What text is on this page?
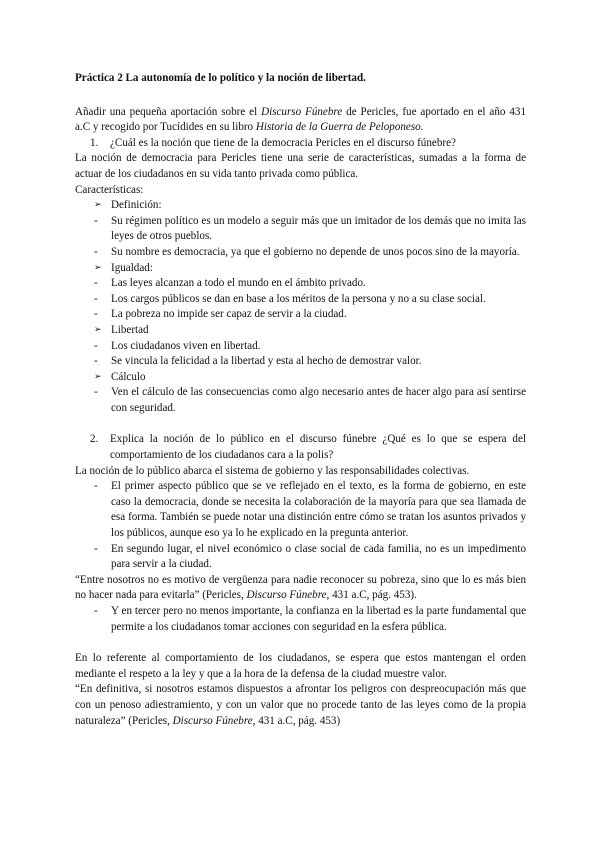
Práctica 2 La autonomía de lo político y la noción de libertad.

Añadir una pequeña aportación sobre el Discurso Fúnebre de Pericles, fue aportado en el año 431 a.C y recogido por Tucídides en su libro Historia de la Guerra de Peloponeso.

1.	¿Cuál es la noción que tiene de la democracia Pericles en el discurso fúnebre?

La noción de democracia para Pericles tiene una serie de características, sumadas a la forma de actuar de los ciudadanos en su vida tanto privada como pública.

Características:

➢ Definición:
-	Su régimen político es un modelo a seguir más que un imitador de los demás que no imita las leyes de otros pueblos.
-	Su nombre es democracia, ya que el gobierno no depende de unos pocos sino de la mayoría.
➢ Igualdad:
-	Las leyes alcanzan a todo el mundo en el ámbito privado.
-	Los cargos públicos se dan en base a los méritos de la persona y no a su clase social.
-	La pobreza no impide ser capaz de servir a la ciudad.
➢ Libertad
-	Los ciudadanos viven en libertad.
-	Se vincula la felicidad a la libertad y esta al hecho de demostrar valor.
➢ Cálculo
-	Ven el cálculo de las consecuencias como algo necesario antes de hacer algo para así sentirse con seguridad.
2.	Explica la noción de lo público en el discurso fúnebre ¿Qué es lo que se espera del comportamiento de los ciudadanos cara a la polis?

La noción de lo público abarca el sistema de gobierno y las responsabilidades colectivas.

-	El primer aspecto público que se ve reflejado en el texto, es la forma de gobierno, en este caso la democracia, donde se necesita la colaboración de la mayoría para que sea llamada de esa forma. También se puede notar una distinción entre cómo se tratan los asuntos privados y los públicos, aunque eso ya lo he explicado en la pregunta anterior.
-	En segundo lugar, el nivel económico o clase social de cada familia, no es un impedimento para servir a la ciudad.

“Entre nosotros no es motivo de vergüenza para nadie reconocer su pobreza, sino que lo es más bien no hacer nada para evitarla” (Pericles, Discurso Fúnebre, 431 a.C, pág. 453).

-	Y en tercer pero no menos importante, la confianza en la libertad es la parte fundamental que permite a los ciudadanos tomar acciones con seguridad en la esfera pública.

En lo referente al comportamiento de los ciudadanos, se espera que estos mantengan el orden mediante el respeto a la ley y que a la hora de la defensa de la ciudad muestre valor.

“En definitiva, si nosotros estamos dispuestos a afrontar los peligros con despreocupación más que con un penoso adiestramiento, y con un valor que no procede tanto de las leyes como de la propia naturaleza” (Pericles, Discurso Fúnebre, 431 a.C, pág. 453)
